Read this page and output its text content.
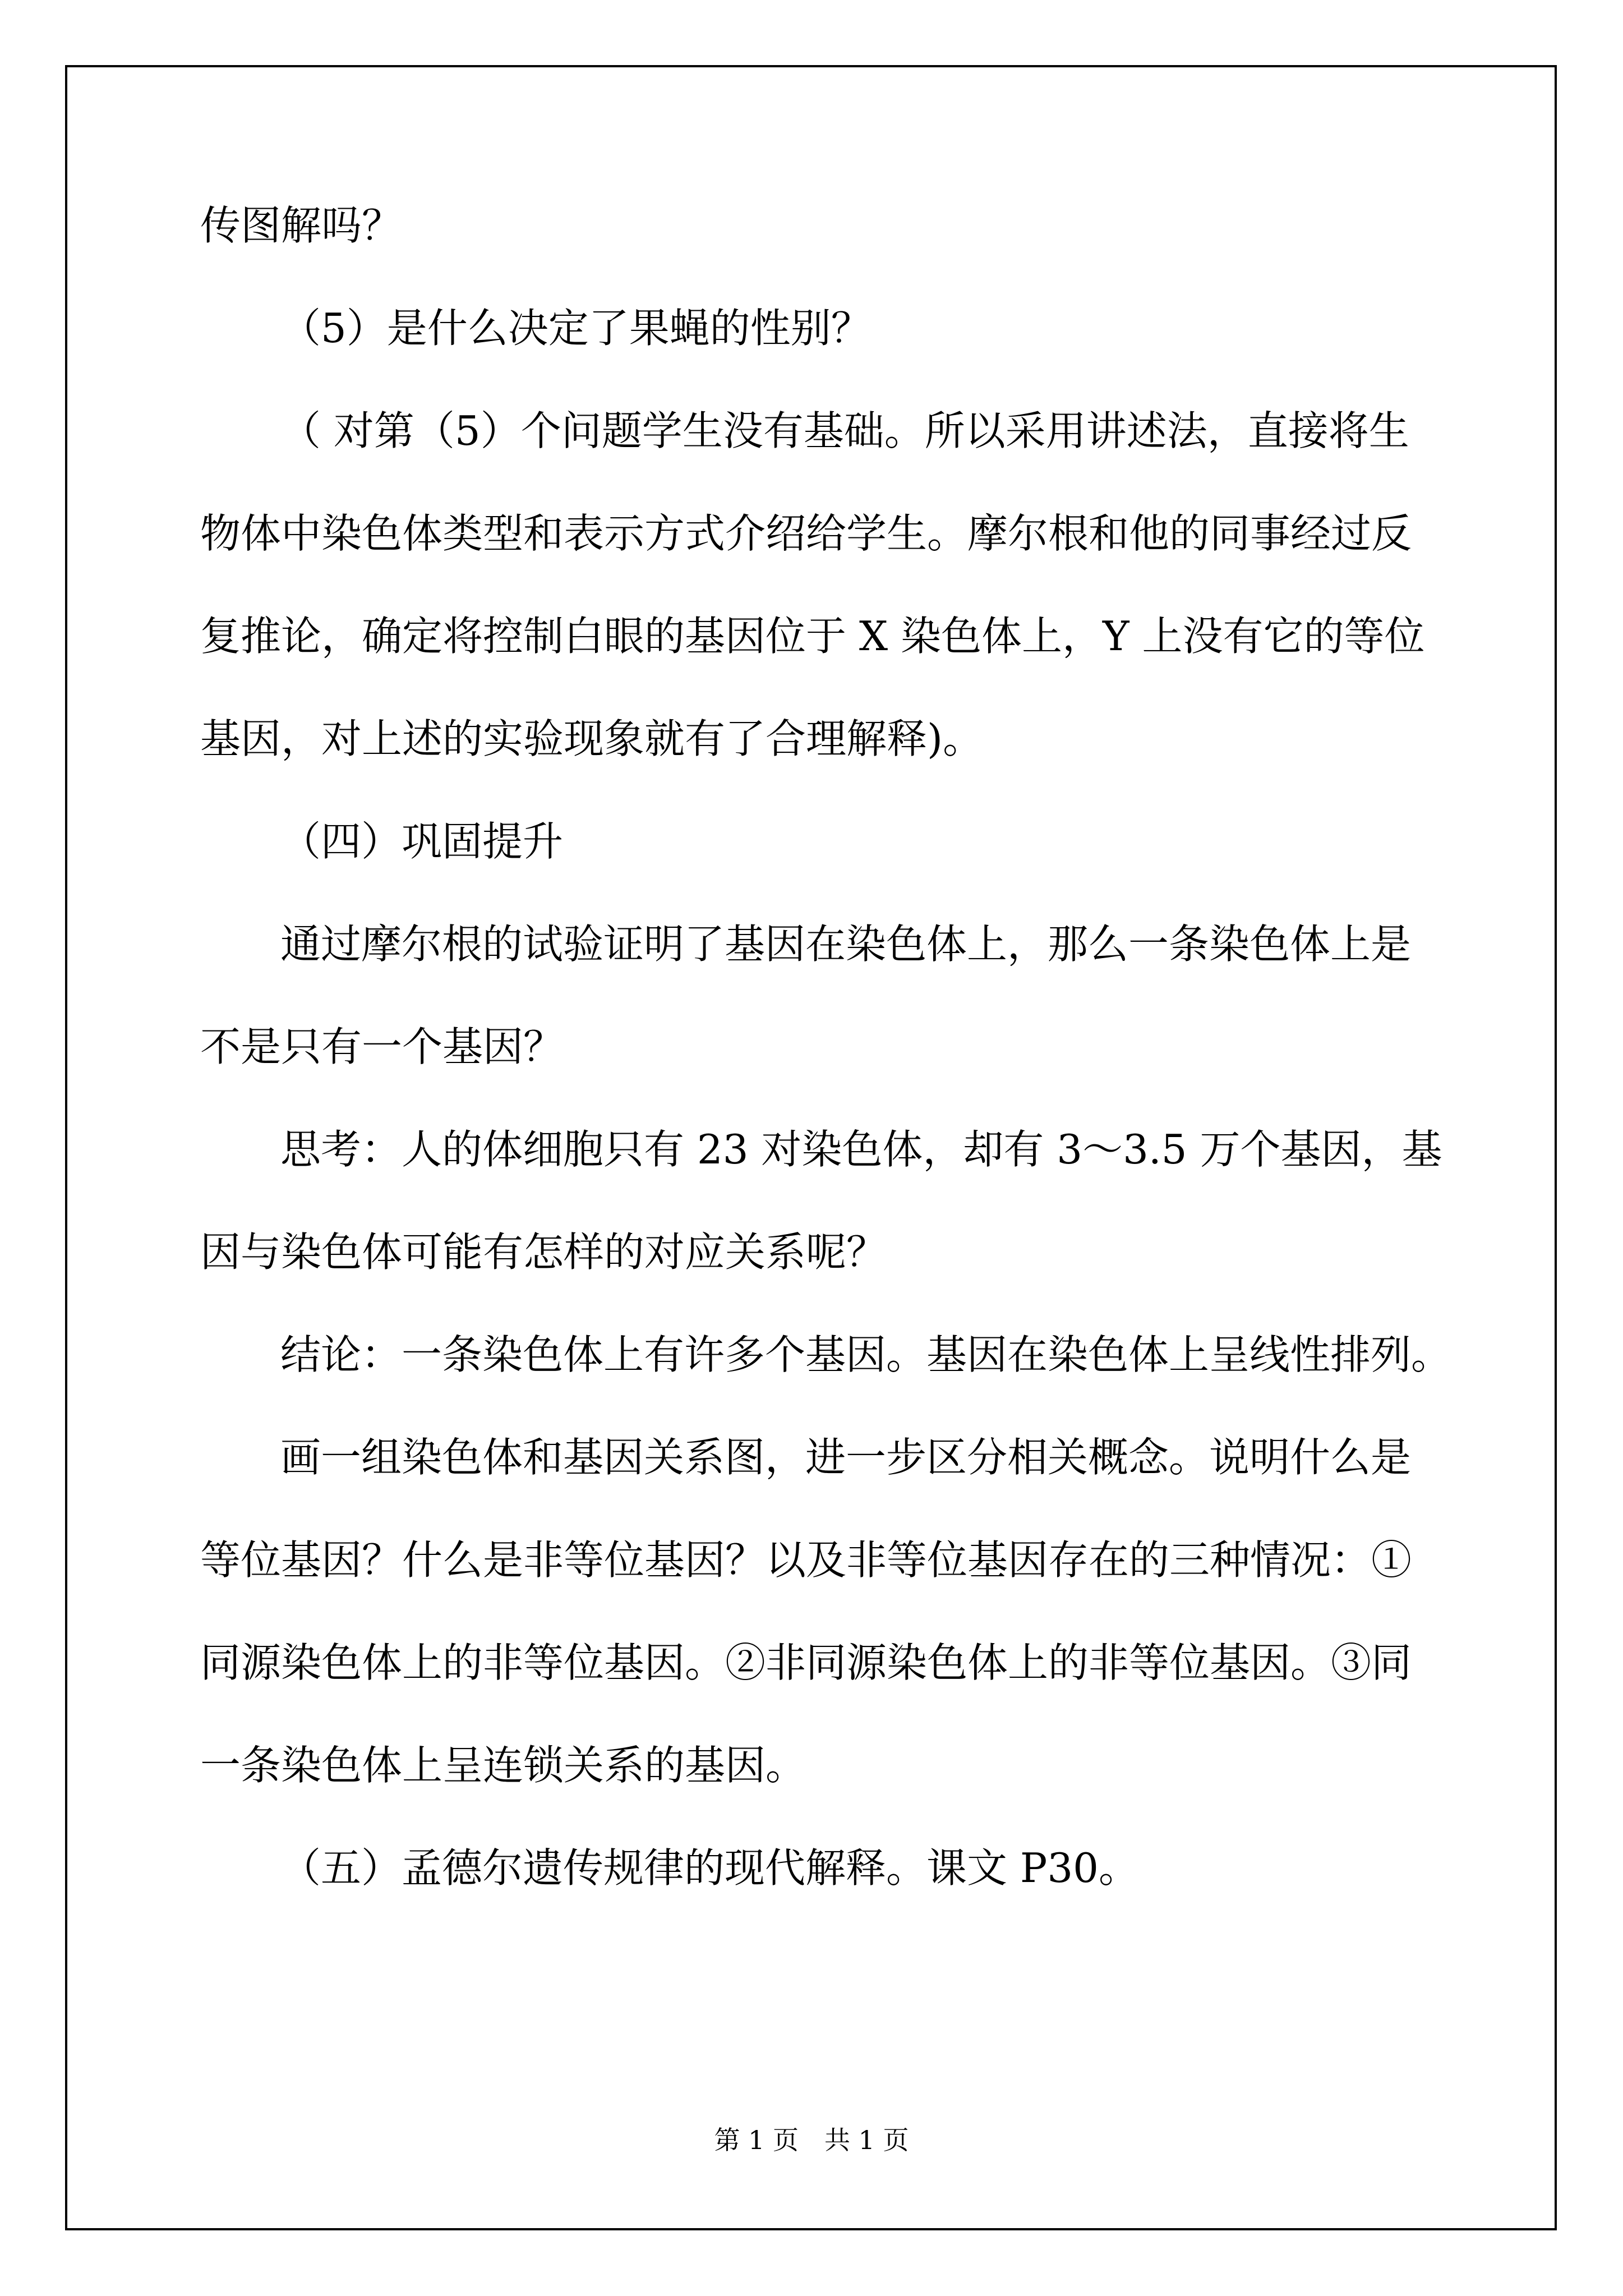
传图解吗？
（5）是什么决定了果蝇的性别？
（ 对第（5）个问题学生没有基础。所以采用讲述法，直接将生
物体中染色体类型和表示方式介绍给学生。摩尔根和他的同事经过反
复推论，确定将控制白眼的基因位于 X 染色体上，Y 上没有它的等位
基因，对上述的实验现象就有了合理解释)。
（四）巩固提升
通过摩尔根的试验证明了基因在染色体上，那么一条染色体上是
不是只有一个基因？
思考：人的体细胞只有 23 对染色体，却有 3～3.5 万个基因，基
因与染色体可能有怎样的对应关系呢？
结论：一条染色体上有许多个基因。基因在染色体上呈线性排列。
画一组染色体和基因关系图，进一步区分相关概念。说明什么是
等位基因？什么是非等位基因？以及非等位基因存在的三种情况：①
同源染色体上的非等位基因。②非同源染色体上的非等位基因。③同
一条染色体上呈连锁关系的基因。
（五）孟德尔遗传规律的现代解释。课文 P30。
第 1 页　共 1 页
